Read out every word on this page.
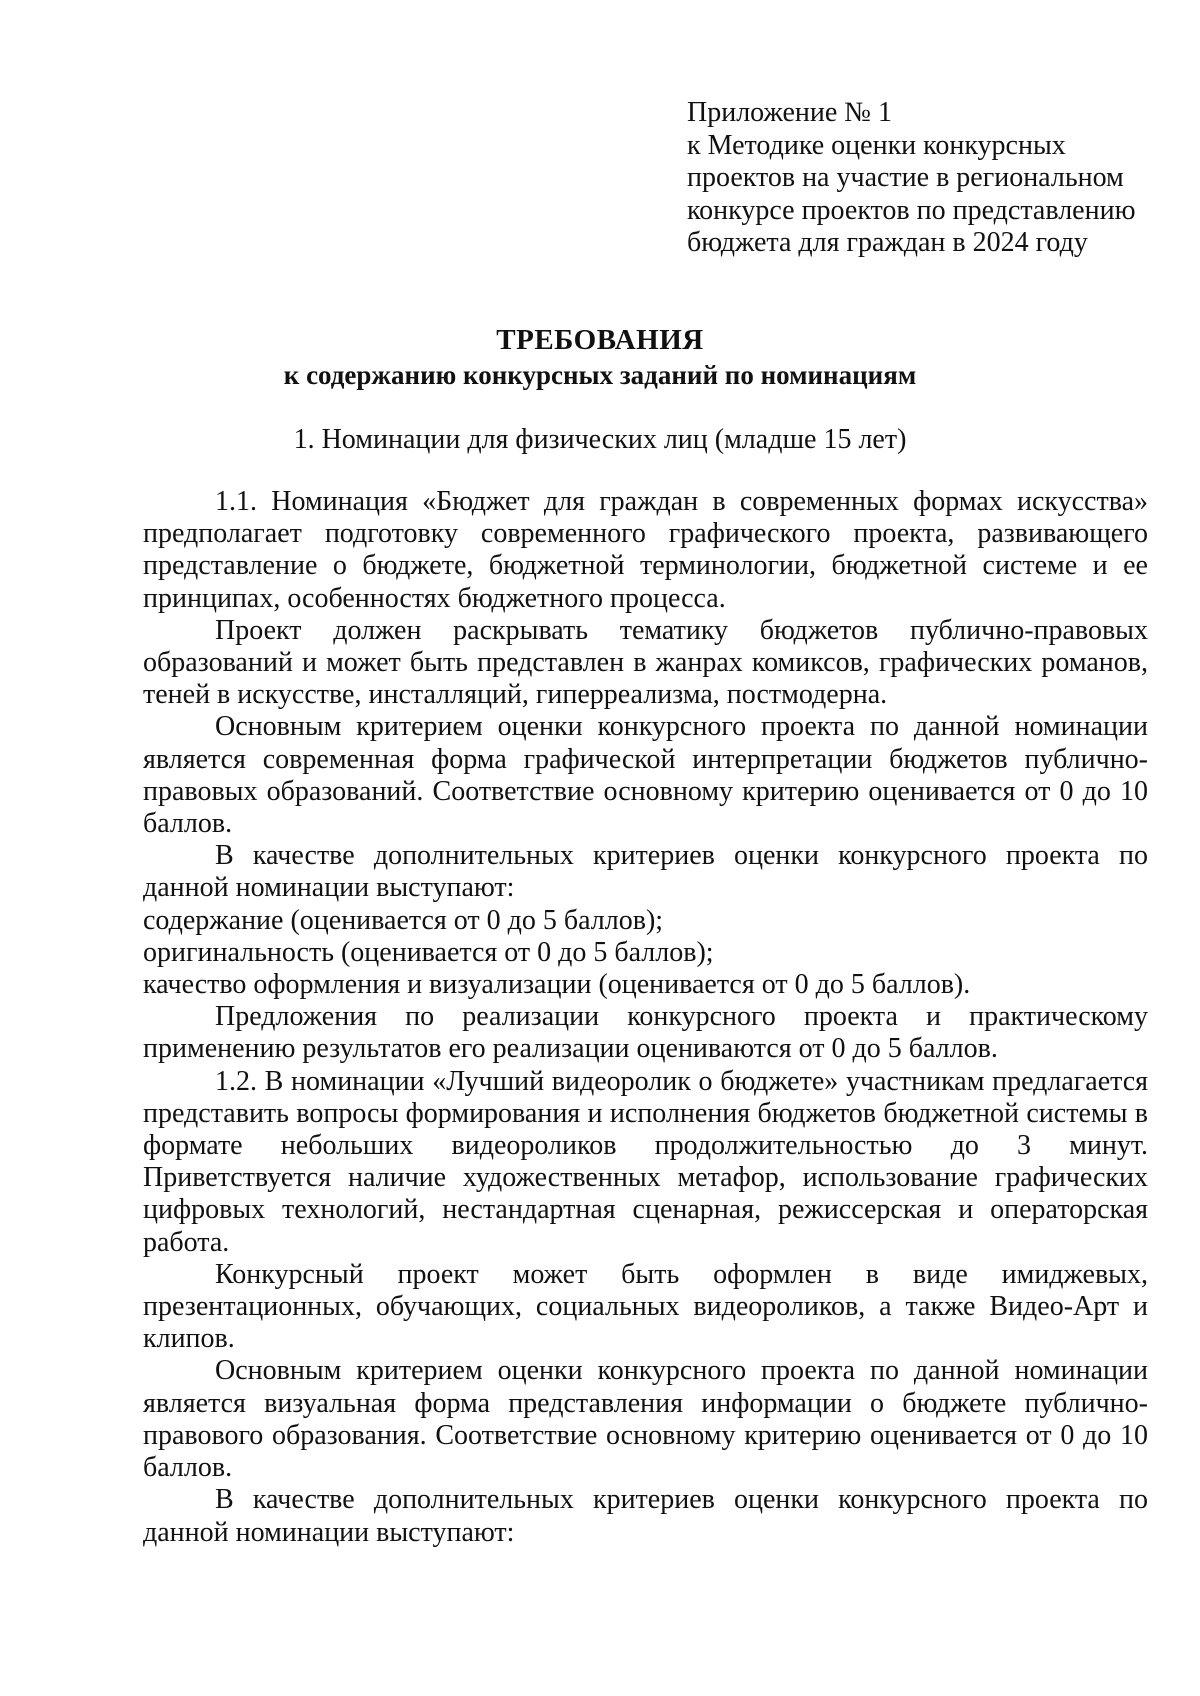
Приложение № 1
к Методике оценки конкурсных
проектов на участие в региональном
конкурсе проектов по представлению
бюджета для граждан в 2024 году
ТРЕБОВАНИЯ
к содержанию конкурсных заданий по номинациям
1. Номинации для физических лиц (младше 15 лет)

1.1. Номинация «Бюджет для граждан в современных формах искусства» предполагает подготовку современного графического проекта, развивающего представление о бюджете, бюджетной терминологии, бюджетной системе и ее принципах, особенностях бюджетного процесса.

Проект должен раскрывать тематику бюджетов публично-правовых образований и может быть представлен в жанрах комиксов, графических романов, теней в искусстве, инсталляций, гиперреализма, постмодерна.

Основным критерием оценки конкурсного проекта по данной номинации является современная форма графической интерпретации бюджетов публично-правовых образований. Соответствие основному критерию оценивается от 0 до 10 баллов.

В качестве дополнительных критериев оценки конкурсного проекта по данной номинации выступают:

содержание (оценивается от 0 до 5 баллов);

оригинальность (оценивается от 0 до 5 баллов);

качество оформления и визуализации (оценивается от 0 до 5 баллов).

Предложения по реализации конкурсного проекта и практическому применению результатов его реализации оцениваются от 0 до 5 баллов.

1.2. В номинации «Лучший видеоролик о бюджете» участникам предлагается представить вопросы формирования и исполнения бюджетов бюджетной системы в формате небольших видеороликов продолжительностью до 3 минут. Приветствуется наличие художественных метафор, использование графических цифровых технологий, нестандартная сценарная, режиссерская и операторская работа.

Конкурсный проект может быть оформлен в виде имиджевых, презентационных, обучающих, социальных видеороликов, а также Видео-Арт и клипов.

Основным критерием оценки конкурсного проекта по данной номинации является визуальная форма представления информации о бюджете публично-правового образования. Соответствие основному критерию оценивается от 0 до 10 баллов.

В качестве дополнительных критериев оценки конкурсного проекта по данной номинации выступают:
